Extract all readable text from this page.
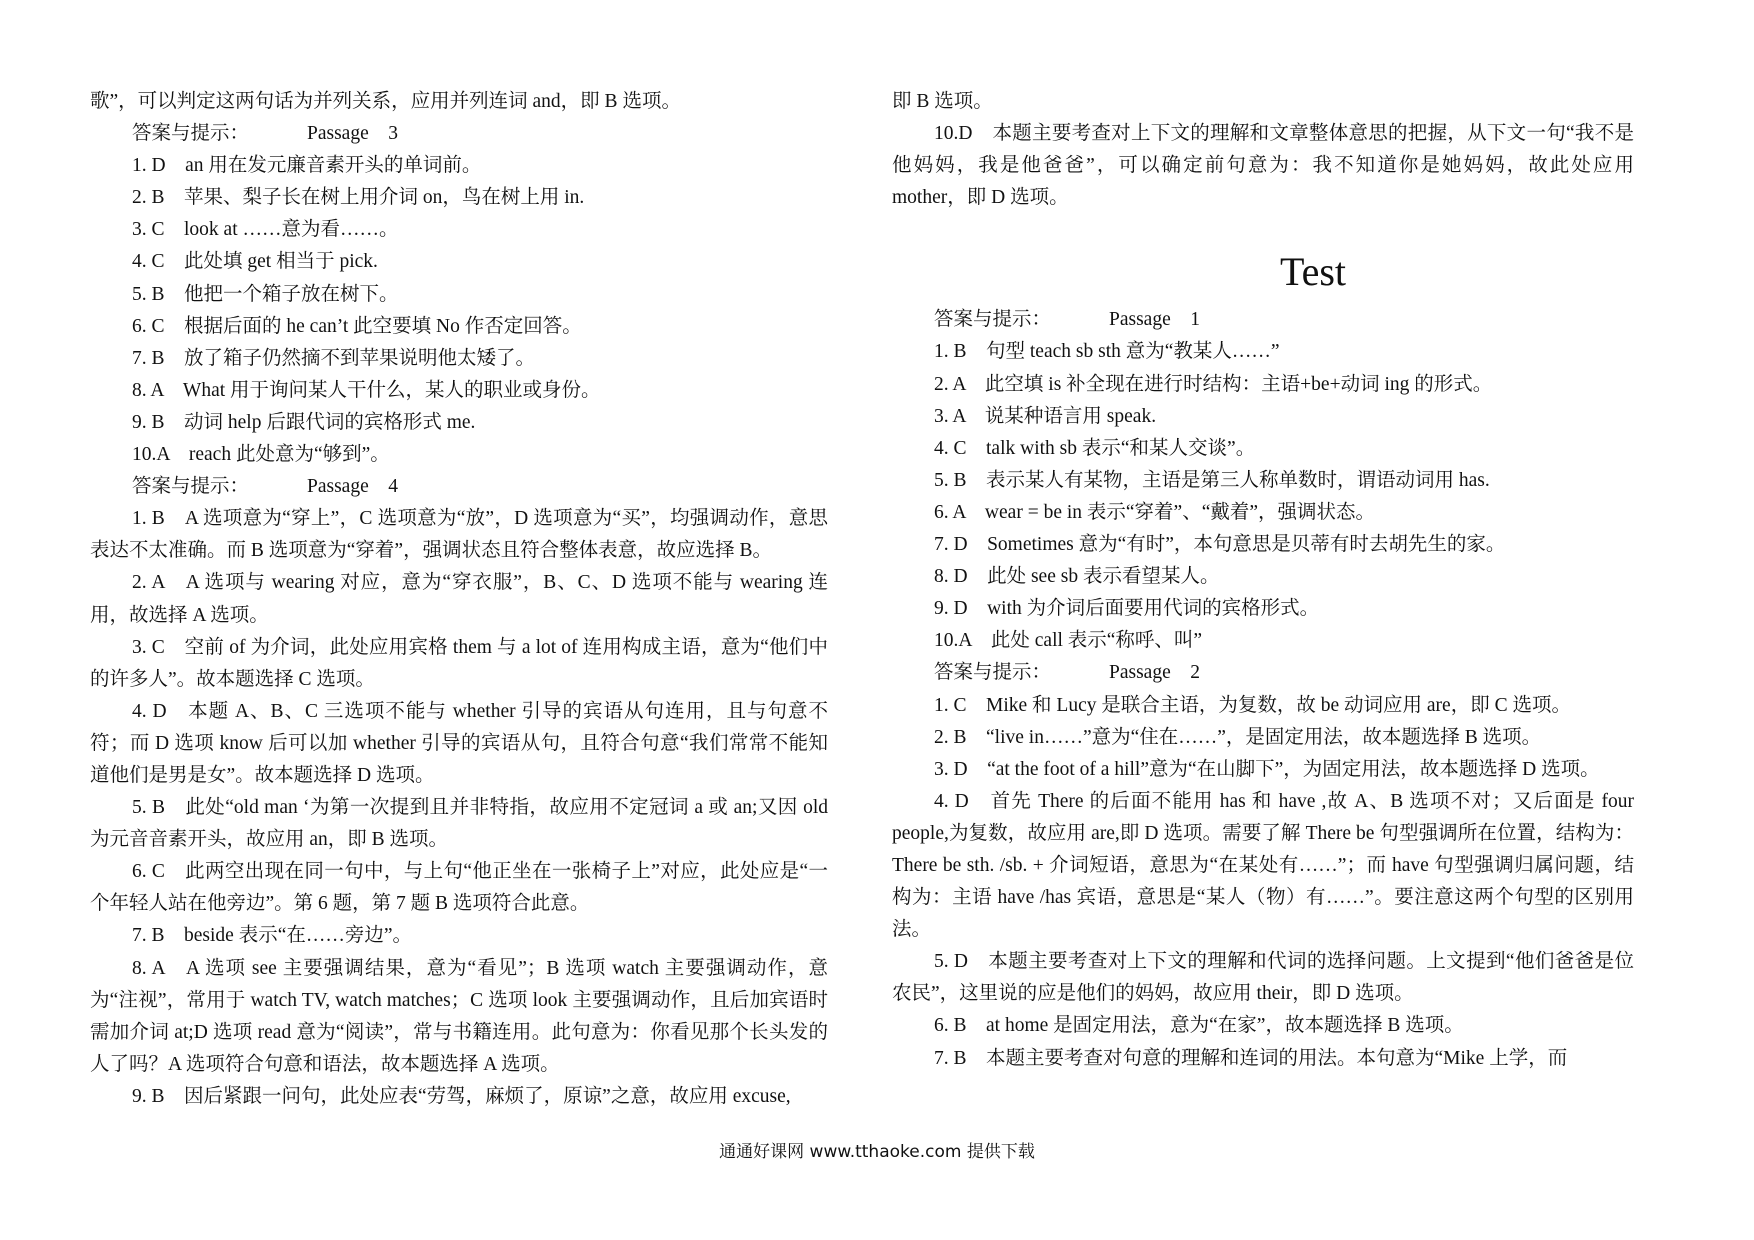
歌”，可以判定这两句话为并列关系，应用并列连词 and，即 B 选项。
答案与提示：	Passage　3
1. D　an 用在发元廉音素开头的单词前。
2. B　苹果、梨子长在树上用介词 on，鸟在树上用 in.
3. C　look at ……意为看……。
4. C　此处填 get 相当于 pick.
5. B　他把一个箱子放在树下。
6. C　根据后面的 he can’t 此空要填 No 作否定回答。
7. B　放了箱子仍然摘不到苹果说明他太矮了。
8. A　What 用于询问某人干什么，某人的职业或身份。
9. B　动词 help 后跟代词的宾格形式 me.
10.A　reach 此处意为“够到”。
答案与提示：	Passage　4
1. B　A 选项意为“穿上”，C 选项意为“放”，D 选项意为“买”，均强调动作，意思表达不太准确。而 B 选项意为“穿着”，强调状态且符合整体表意，故应选择 B。
2. A　A 选项与 wearing 对应，意为“穿衣服”，B、C、D 选项不能与 wearing 连用，故选择 A 选项。
3. C　空前 of 为介词，此处应用宾格 them 与 a lot of 连用构成主语，意为“他们中的许多人”。故本题选择 C 选项。
4. D　本题 A、B、C 三选项不能与 whether 引导的宾语从句连用，且与句意不符；而 D 选项 know 后可以加 whether 引导的宾语从句，且符合句意“我们常常不能知道他们是男是女”。故本题选择 D 选项。
5. B　此处“old man ‘为第一次提到且并非特指，故应用不定冠词 a 或 an;又因 old 为元音音素开头，故应用 an，即 B 选项。
6. C　此两空出现在同一句中，与上句“他正坐在一张椅子上”对应，此处应是“一个年轻人站在他旁边”。第 6 题，第 7 题 B 选项符合此意。
7. B　beside 表示“在……旁边”。
8. A　A 选项 see 主要强调结果，意为“看见”；B 选项 watch 主要强调动作，意为“注视”，常用于 watch TV, watch matches；C 选项 look 主要强调动作，且后加宾语时需加介词 at;D 选项 read 意为“阅读”，常与书籍连用。此句意为：你看见那个长头发的人了吗？A 选项符合句意和语法，故本题选择 A 选项。
9. B　因后紧跟一问句，此处应表“劳驾，麻烦了，原谅”之意，故应用 excuse,
即 B 选项。
10.D　本题主要考查对上下文的理解和文章整体意思的把握，从下文一句“我不是他妈妈，我是他爸爸”，可以确定前句意为：我不知道你是她妈妈，故此处应用 mother，即 D 选项。
Test
答案与提示：	Passage　1
1. B　句型 teach sb sth 意为“教某人……”
2. A　此空填 is 补全现在进行时结构：主语+be+动词 ing 的形式。
3. A　说某种语言用 speak.
4. C　talk with sb 表示“和某人交谈”。
5. B　表示某人有某物，主语是第三人称单数时，谓语动词用 has.
6. A　wear = be in 表示“穿着”、“戴着”，强调状态。
7. D　Sometimes 意为“有时”，本句意思是贝蒂有时去胡先生的家。
8. D　此处 see sb 表示看望某人。
9. D　with 为介词后面要用代词的宾格形式。
10.A　此处 call 表示“称呼、叫”
答案与提示：	Passage　2
1. C　Mike 和 Lucy 是联合主语，为复数，故 be 动词应用 are，即 C 选项。
2. B　“live in……”意为“住在……”，是固定用法，故本题选择 B 选项。
3. D　“at the foot of a hill”意为“在山脚下”，为固定用法，故本题选择 D 选项。
4. D　首先 There 的后面不能用 has 和 have ,故 A、B 选项不对；又后面是 four people,为复数，故应用 are,即 D 选项。需要了解 There be 句型强调所在位置，结构为：There be sth. /sb. + 介词短语，意思为“在某处有……”；而 have 句型强调归属问题，结构为：主语 have /has 宾语，意思是“某人（物）有……”。要注意这两个句型的区别用法。
5. D　本题主要考查对上下文的理解和代词的选择问题。上文提到“他们爸爸是位农民”，这里说的应是他们的妈妈，故应用 their，即 D 选项。
6. B　at home 是固定用法，意为“在家”，故本题选择 B 选项。
7. B　本题主要考查对句意的理解和连词的用法。本句意为“Mike 上学，而
通通好课网 www.tthaoke.com 提供下载
